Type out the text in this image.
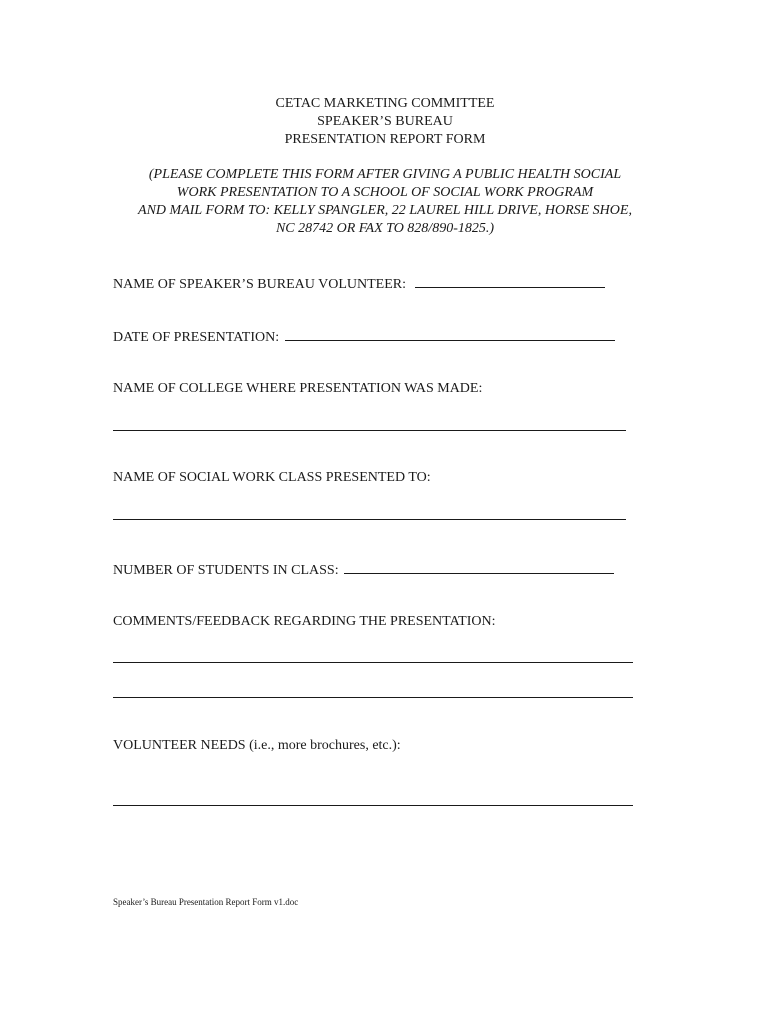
CETAC MARKETING COMMITTEE
SPEAKER’S BUREAU
PRESENTATION REPORT FORM
(PLEASE COMPLETE THIS FORM AFTER GIVING A PUBLIC HEALTH SOCIAL
WORK PRESENTATION TO A SCHOOL OF SOCIAL WORK PROGRAM
AND MAIL FORM TO: KELLY SPANGLER, 22 LAUREL HILL DRIVE, HORSE SHOE,
NC 28742 OR FAX TO 828/890-1825.)
NAME OF SPEAKER’S BUREAU VOLUNTEER:
DATE OF PRESENTATION:
NAME OF COLLEGE WHERE PRESENTATION WAS MADE:
NAME OF SOCIAL WORK CLASS PRESENTED TO:
NUMBER OF STUDENTS IN CLASS:
COMMENTS/FEEDBACK REGARDING THE PRESENTATION:
VOLUNTEER NEEDS (i.e., more brochures, etc.):
Speaker’s Bureau Presentation Report Form v1.doc
